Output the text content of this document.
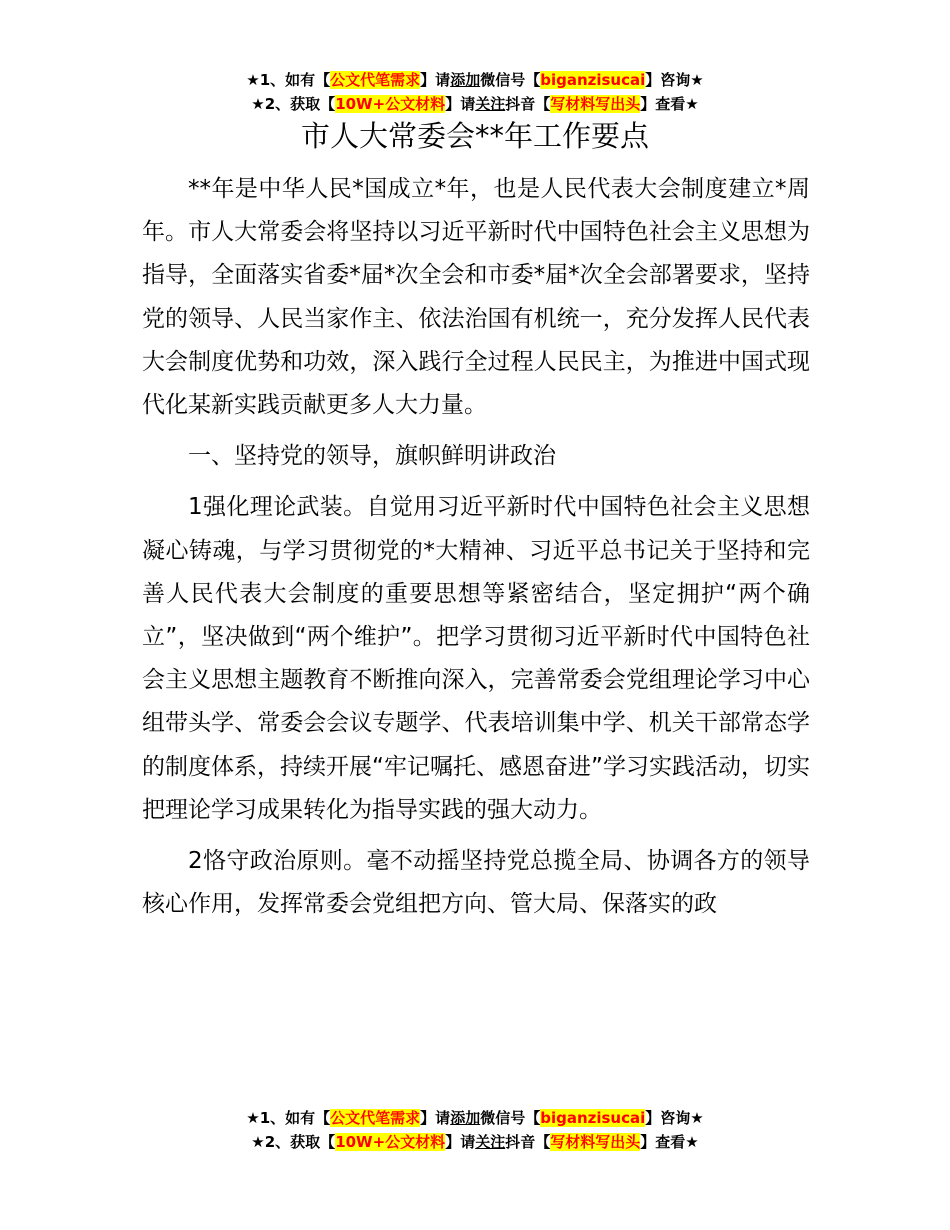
★1、如有【公文代笔需求】请添加微信号【biganzisucai】咨询★
★2、获取【10W+公文材料】请关注抖音【写材料写出头】查看★
市人大常委会**年工作要点

**年是中华人民*国成立*年，也是人民代表大会制度建立*周年。市人大常委会将坚持以习近平新时代中国特色社会主义思想为指导，全面落实省委*届*次全会和市委*届*次全会部署要求，坚持党的领导、人民当家作主、依法治国有机统一，充分发挥人民代表大会制度优势和功效，深入践行全过程人民民主，为推进中国式现代化某新实践贡献更多人大力量。

一、坚持党的领导，旗帜鲜明讲政治

1强化理论武装。自觉用习近平新时代中国特色社会主义思想凝心铸魂，与学习贯彻党的*大精神、习近平总书记关于坚持和完善人民代表大会制度的重要思想等紧密结合，坚定拥护“两个确立”，坚决做到“两个维护”。把学习贯彻习近平新时代中国特色社会主义思想主题教育不断推向深入，完善常委会党组理论学习中心组带头学、常委会会议专题学、代表培训集中学、机关干部常态学的制度体系，持续开展“牢记嘱托、感恩奋进”学习实践活动，切实把理论学习成果转化为指导实践的强大动力。

2恪守政治原则。毫不动摇坚持党总揽全局、协调各方的领导核心作用，发挥常委会党组把方向、管大局、保落实的政

★1、如有【公文代笔需求】请添加微信号【biganzisucai】咨询★
★2、获取【10W+公文材料】请关注抖音【写材料写出头】查看★
